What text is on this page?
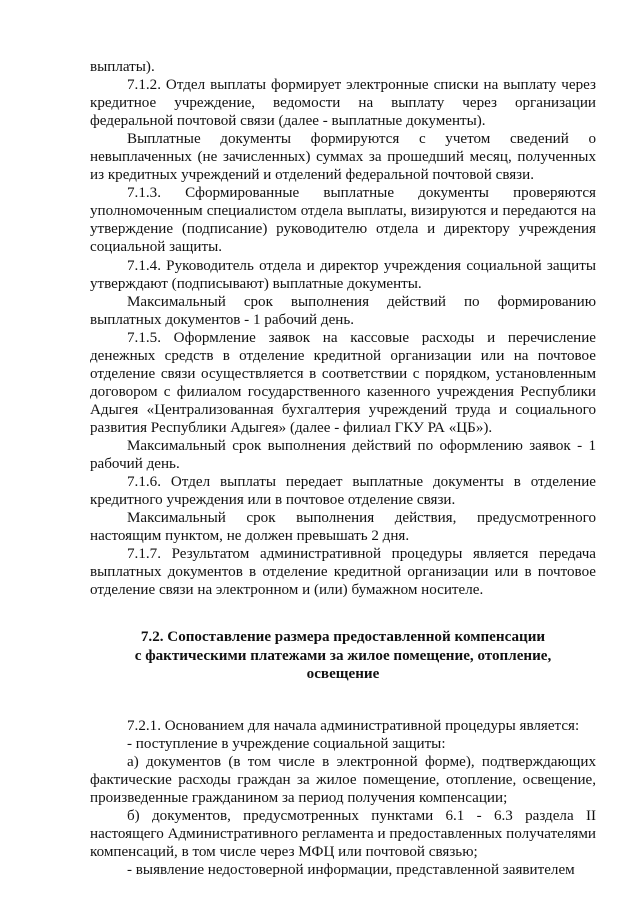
выплаты).

7.1.2. Отдел выплаты формирует электронные списки на выплату через кредитное учреждение, ведомости на выплату через организации федеральной почтовой связи (далее - выплатные документы).

Выплатные документы формируются с учетом сведений о невыплаченных (не зачисленных) суммах за прошедший месяц, полученных из кредитных учреждений и отделений федеральной почтовой связи.

7.1.3. Сформированные выплатные документы проверяются уполномоченным специалистом отдела выплаты, визируются и передаются на утверждение (подписание) руководителю отдела и директору учреждения социальной защиты.

7.1.4. Руководитель отдела и директор учреждения социальной защиты утверждают (подписывают) выплатные документы.

Максимальный срок выполнения действий по формированию выплатных документов - 1 рабочий день.

7.1.5. Оформление заявок на кассовые расходы и перечисление денежных средств в отделение кредитной организации или на почтовое отделение связи осуществляется в соответствии с порядком, установленным договором с филиалом государственного казенного учреждения Республики Адыгея «Централизованная бухгалтерия учреждений труда и социального развития Республики Адыгея» (далее - филиал ГКУ РА «ЦБ»).

Максимальный срок выполнения действий по оформлению заявок - 1 рабочий день.

7.1.6. Отдел выплаты передает выплатные документы в отделение кредитного учреждения или в почтовое отделение связи.

Максимальный срок выполнения действия, предусмотренного настоящим пунктом, не должен превышать 2 дня.

7.1.7. Результатом административной процедуры является передача выплатных документов в отделение кредитной организации или в почтовое отделение связи на электронном и (или) бумажном носителе.

7.2. Сопоставление размера предоставленной компенсации
с фактическими платежами за жилое помещение, отопление,
освещение

7.2.1. Основанием для начала административной процедуры является:

- поступление в учреждение социальной защиты:

а) документов (в том числе в электронной форме), подтверждающих фактические расходы граждан за жилое помещение, отопление, освещение, произведенные гражданином за период получения компенсации;

б) документов, предусмотренных пунктами 6.1 - 6.3 раздела II настоящего Административного регламента и предоставленных получателями компенсаций, в том числе через МФЦ или почтовой связью;

- выявление недостоверной информации, представленной заявителем
